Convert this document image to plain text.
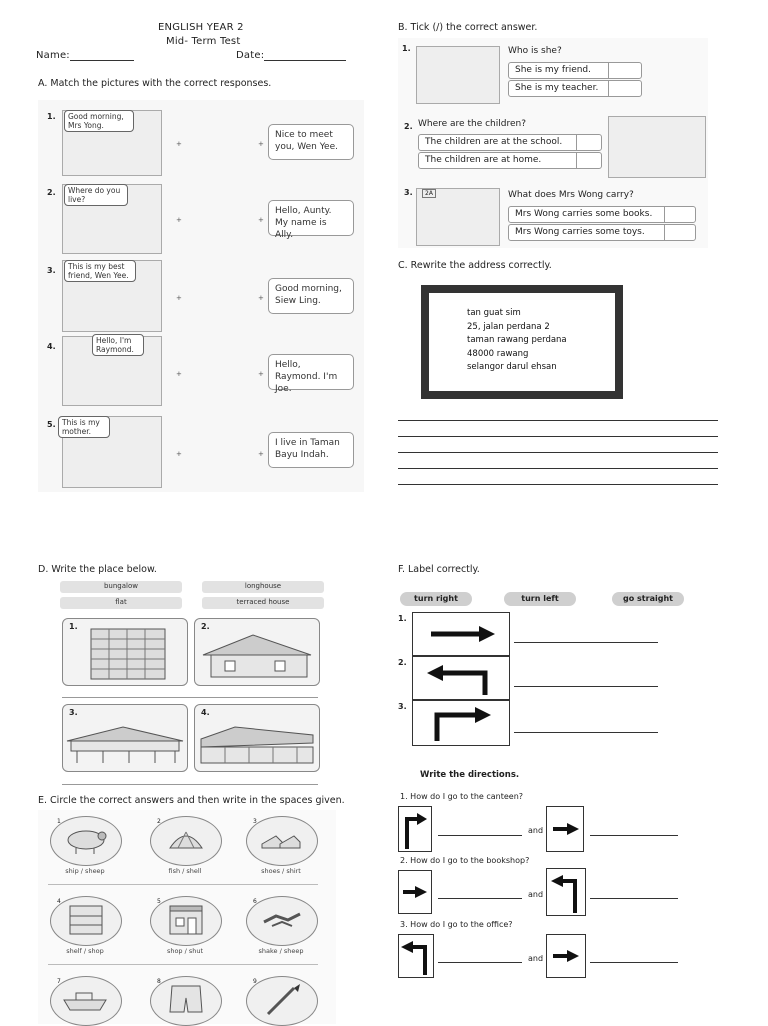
ENGLISH YEAR 2
Mid- Term Test
Name:	Date:
A. Match the pictures with the correct responses.
1.	Good morning, Mrs Yong.
+	+
Nice to meet you, Wen Yee.
2.	Where do you live?
+	+
Hello, Aunty. My name is Ally.
3.	This is my best friend, Wen Yee.
+	+
Good morning, Siew Ling.
4.
Hello, I'm Raymond.
+	+
Hello, Raymond. I'm Joe.
5. This is my mother.
+	+
I live in Taman Bayu Indah.
B. Tick (/) the correct answer.
1.	Who is she?
She is my friend.
She is my teacher.
2. Where are the children?
The children are at the school.
The children are at home.
3.	2A	What does Mrs Wong carry?
Mrs Wong carries some books.
Mrs Wong carries some toys.
C. Rewrite the address correctly.
tan guat sim
25, jalan perdana 2
taman rawang perdana
48000 rawang
selangor darul ehsan
D. Write the place below.
bungalow	longhouse
flat	terraced house
1.	2.
3.	4.
E. Circle the correct answers and then write in the spaces given.
1
ship / sheep
2
fish / shell
3
shoes / shirt
4
shelf / shop
5
shop / shut
6
shake / sheep
7	8	9
F. Label correctly.
turn right	turn left	go straight
1.
2.
3.
Write the directions.
1. How do I go to the canteen?
and
2. How do I go to the bookshop?
and
3. How do I go to the office?
and
